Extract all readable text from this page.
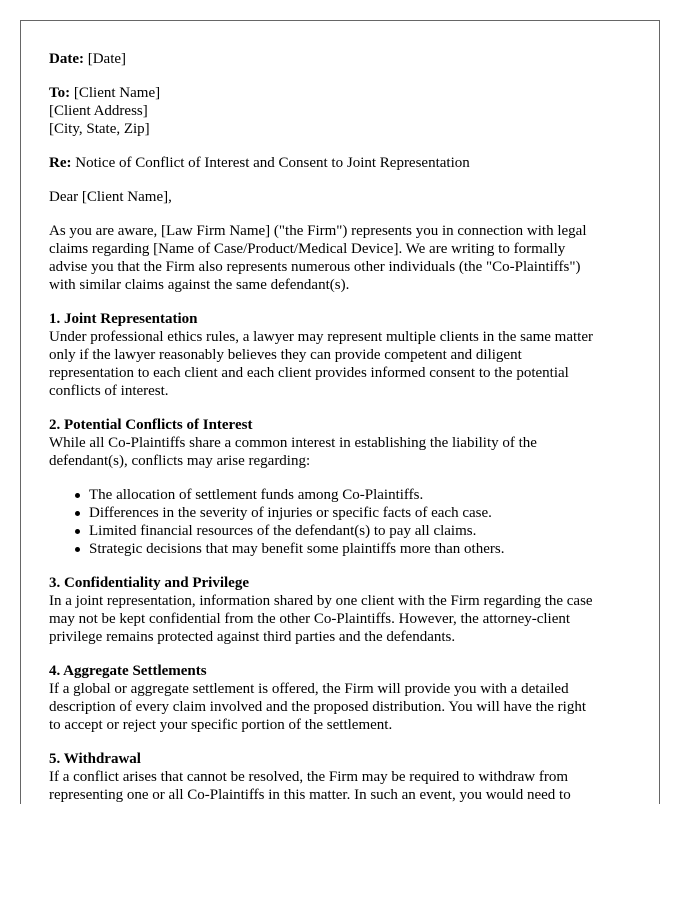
Date: [Date]

To: [Client Name]
[Client Address]
[City, State, Zip]

Re: Notice of Conflict of Interest and Consent to Joint Representation

Dear [Client Name],

As you are aware, [Law Firm Name] ("the Firm") represents you in connection with legal
claims regarding [Name of Case/Product/Medical Device]. We are writing to formally
advise you that the Firm also represents numerous other individuals (the "Co-Plaintiffs")
with similar claims against the same defendant(s).

1. Joint Representation
Under professional ethics rules, a lawyer may represent multiple clients in the same matter
only if the lawyer reasonably believes they can provide competent and diligent
representation to each client and each client provides informed consent to the potential
conflicts of interest.

2. Potential Conflicts of Interest
While all Co-Plaintiffs share a common interest in establishing the liability of the
defendant(s), conflicts may arise regarding:

The allocation of settlement funds among Co-Plaintiffs.
Differences in the severity of injuries or specific facts of each case.
Limited financial resources of the defendant(s) to pay all claims.
Strategic decisions that may benefit some plaintiffs more than others.

3. Confidentiality and Privilege
In a joint representation, information shared by one client with the Firm regarding the case
may not be kept confidential from the other Co-Plaintiffs. However, the attorney-client
privilege remains protected against third parties and the defendants.

4. Aggregate Settlements
If a global or aggregate settlement is offered, the Firm will provide you with a detailed
description of every claim involved and the proposed distribution. You will have the right
to accept or reject your specific portion of the settlement.

5. Withdrawal
If a conflict arises that cannot be resolved, the Firm may be required to withdraw from
representing one or all Co-Plaintiffs in this matter. In such an event, you would need to
